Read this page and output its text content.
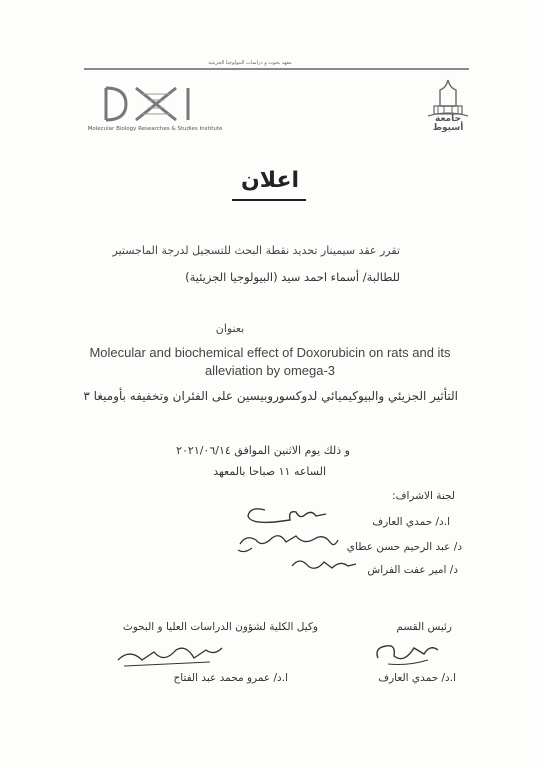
معهد بحوث و دراسات البيولوجيا الجزيئية
Molecular Biology Researches & Studies Institute
جامعة أسيوط
اعلان
تقرر عقد سيمينار تحديد نقطة البحث للتسجيل لدرجة الماجستير
للطالبة/ أسماء احمد سيد (البيولوجيا الجزيئية)
بعنوان
Molecular and biochemical effect of Doxorubicin on rats and its
alleviation by omega-3
التأثير الجزيئي والبيوكيميائي لدوكسوروبيسين على الفئران وتخفيفه بأوميغا ٣
و ذلك يوم الاثنين الموافق ٢٠٢١/٠٦/١٤
الساعه ١١ صباحا بالمعهد
لجنة الاشراف:
ا.د/ حمدي العارف
د/ عبد الرحيم حسن عطاي
د/ امير عفت الفراش
وكيل الكلية لشؤون الدراسات العليا و البحوث	رئيس القسم
ا.د/ عمرو محمد عبد الفتاح	ا.د/ حمدي العارف
